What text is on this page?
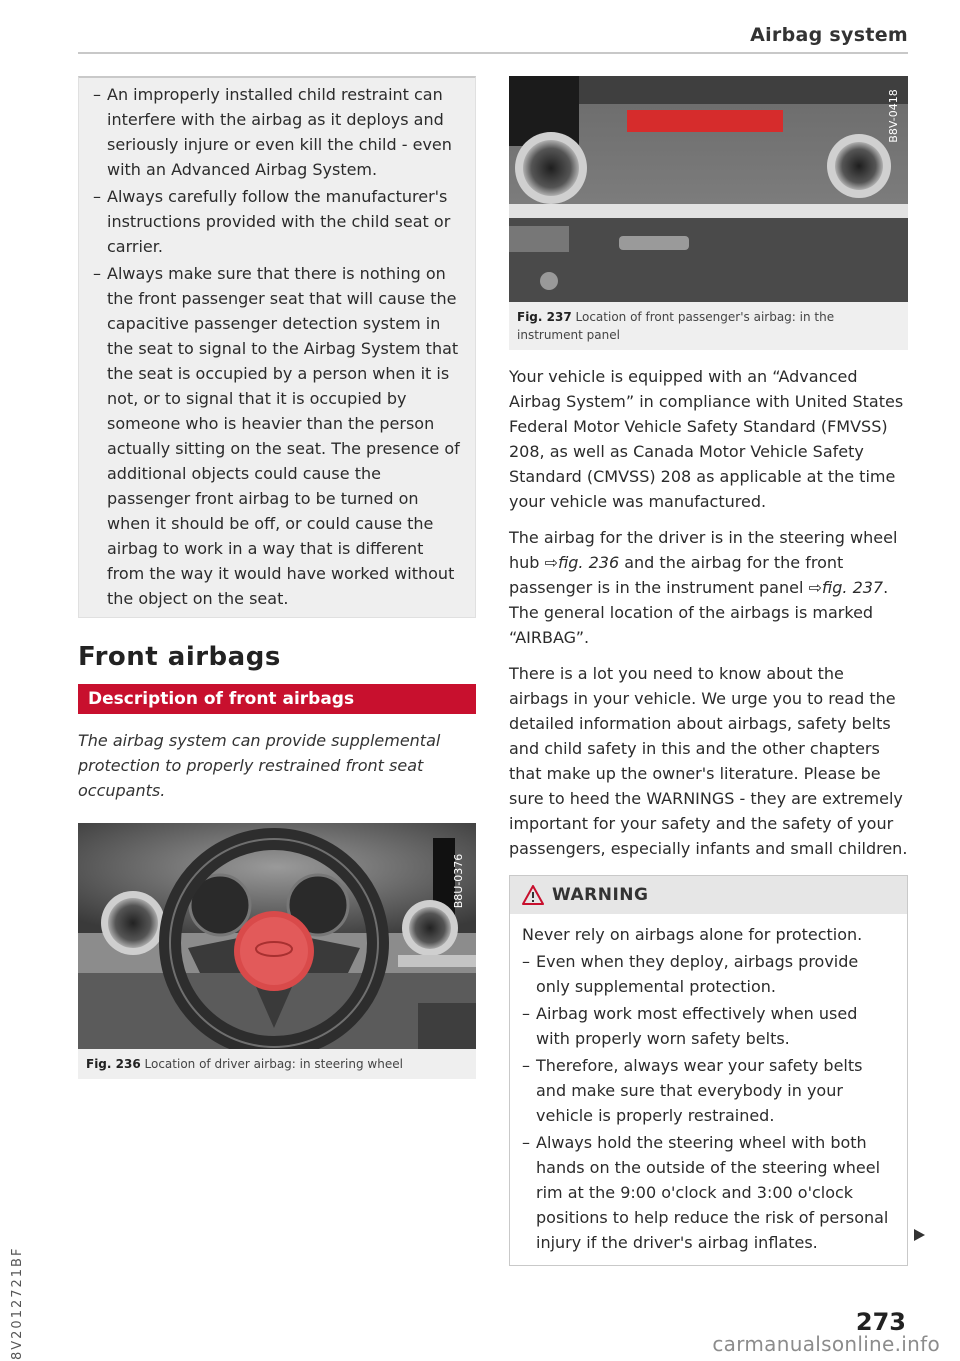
Airbag system
8V2012721BF
– An improperly installed child restraint can interfere with the airbag as it deploys and seriously injure or even kill the child - even with an Advanced Airbag System.
– Always carefully follow the manufacturer's instructions provided with the child seat or carrier.
– Always make sure that there is nothing on the front passenger seat that will cause the capacitive passenger detection system in the seat to signal to the Airbag System that the seat is occupied by a person when it is not, or to signal that it is occupied by someone who is heavier than the person actually sitting on the seat. The presence of additional objects could cause the passenger front airbag to be turned on when it should be off, or could cause the airbag to work in a way that is different from the way it would have worked without the object on the seat.
Front airbags
Description of front airbags
The airbag system can provide supplemental protection to properly restrained front seat occupants.
B8U-0376
Fig. 236 Location of driver airbag: in steering wheel
B8V-0418
Fig. 237 Location of front passenger's airbag: in the instrument panel

Your vehicle is equipped with an “Advanced Airbag System” in compliance with United States Federal Motor Vehicle Safety Standard (FMVSS) 208, as well as Canada Motor Vehicle Safety Standard (CMVSS) 208 as applicable at the time your vehicle was manufactured.

The airbag for the driver is in the steering wheel hub ⇨fig. 236 and the airbag for the front passenger is in the instrument panel ⇨fig. 237. The general location of the airbags is marked “AIRBAG”.

There is a lot you need to know about the airbags in your vehicle. We urge you to read the detailed information about airbags, safety belts and child safety in this and the other chapters that make up the owner's literature. Please be sure to heed the WARNINGS - they are extremely important for your safety and the safety of your passengers, especially infants and small children.

WARNING

Never rely on airbags alone for protection.

– Even when they deploy, airbags provide only supplemental protection.
– Airbag work most effectively when used with properly worn safety belts.
– Therefore, always wear your safety belts and make sure that everybody in your vehicle is properly restrained.
– Always hold the steering wheel with both hands on the outside of the steering wheel rim at the 9:00 o'clock and 3:00 o'clock positions to help reduce the risk of personal injury if the driver's airbag inflates.
273
carmanualsonline.info
